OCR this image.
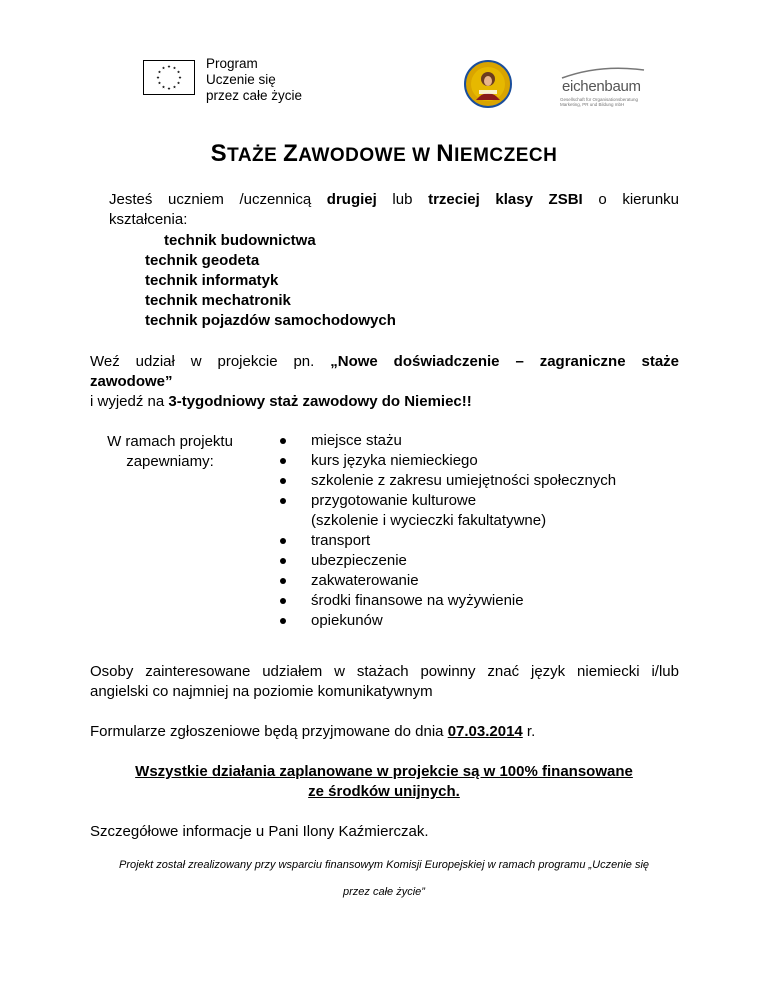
Program
Uczenie się
przez całe życie
eichenbaum
Gesellschaft für Organisationsberatung
Marketing, PR und Bildung mbH
STAŻE ZAWODOWE W NIEMCZECH
Jesteś uczniem /uczennicą drugiej lub trzeciej klasy ZSBI o kierunku
kształcenia:
technik budownictwa
technik geodeta
technik informatyk
technik mechatronik
technik pojazdów samochodowych
Weź udział w projekcie pn. „Nowe doświadczenie – zagraniczne staże
zawodowe”
i wyjedź na 3-tygodniowy staż zawodowy do Niemiec!!
W ramach projektu
zapewniamy:
miejsce stażu
kurs języka niemieckiego
szkolenie z zakresu umiejętności społecznych
przygotowanie kulturowe
(szkolenie i wycieczki fakultatywne)
transport
ubezpieczenie
zakwaterowanie
środki finansowe na wyżywienie
opiekunów
Osoby zainteresowane udziałem w stażach powinny znać język niemiecki i/lub
angielski co najmniej na poziomie komunikatywnym
Formularze zgłoszeniowe będą przyjmowane do dnia 07.03.2014 r.
Wszystkie działania zaplanowane w projekcie są w 100% finansowane
ze środków unijnych.
Szczegółowe informacje u Pani Ilony Kaźmierczak.
Projekt został zrealizowany przy wsparciu finansowym Komisji Europejskiej w ramach programu „Uczenie się
przez całe życie”
